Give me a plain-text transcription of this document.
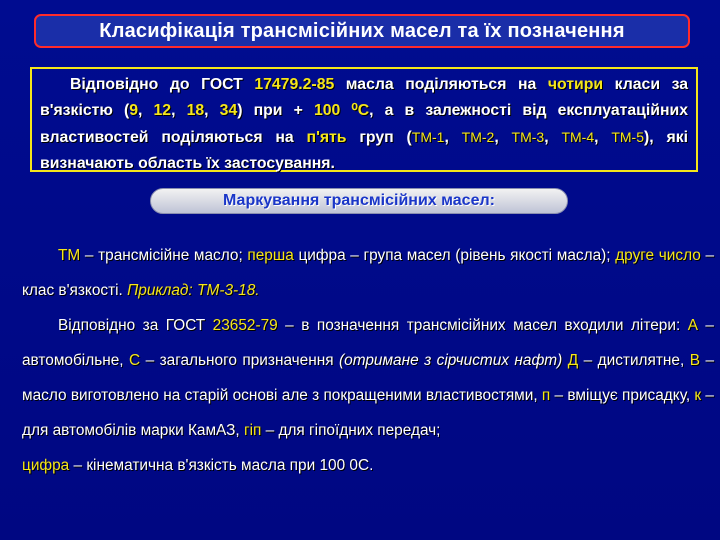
Класифікація трансмісійних масел та їх позначення

Відповідно до ГОСТ 17479.2-85 масла поділяються на чотири класи за в'язкістю (9, 12, 18, 34) при + 100 ⁰С, а в залежності від експлуатаційних властивостей поділяються на п'ять груп (ТМ-1, ТМ-2, ТМ-3, ТМ-4, ТМ-5), які визначають область їх застосування.

Маркування трансмісійних масел:

ТМ – трансмісійне масло; перша цифра – група масел (рівень якості масла); друге число – клас в'язкості. Приклад: ТМ-3-18.

Відповідно за ГОСТ 23652-79 – в позначення трансмісійних масел входили літери: А – автомобільне, С – загального призначення (отримане з сірчистих нафт) Д – дистилятне, В – масло виготовлено на старій основі але з покращеними властивостями, п – вміщує присадку, к – для автомобілів марки КамАЗ, гіп – для гіпоїдних передач;

цифра – кінематична в'язкість масла при 100 0С.
